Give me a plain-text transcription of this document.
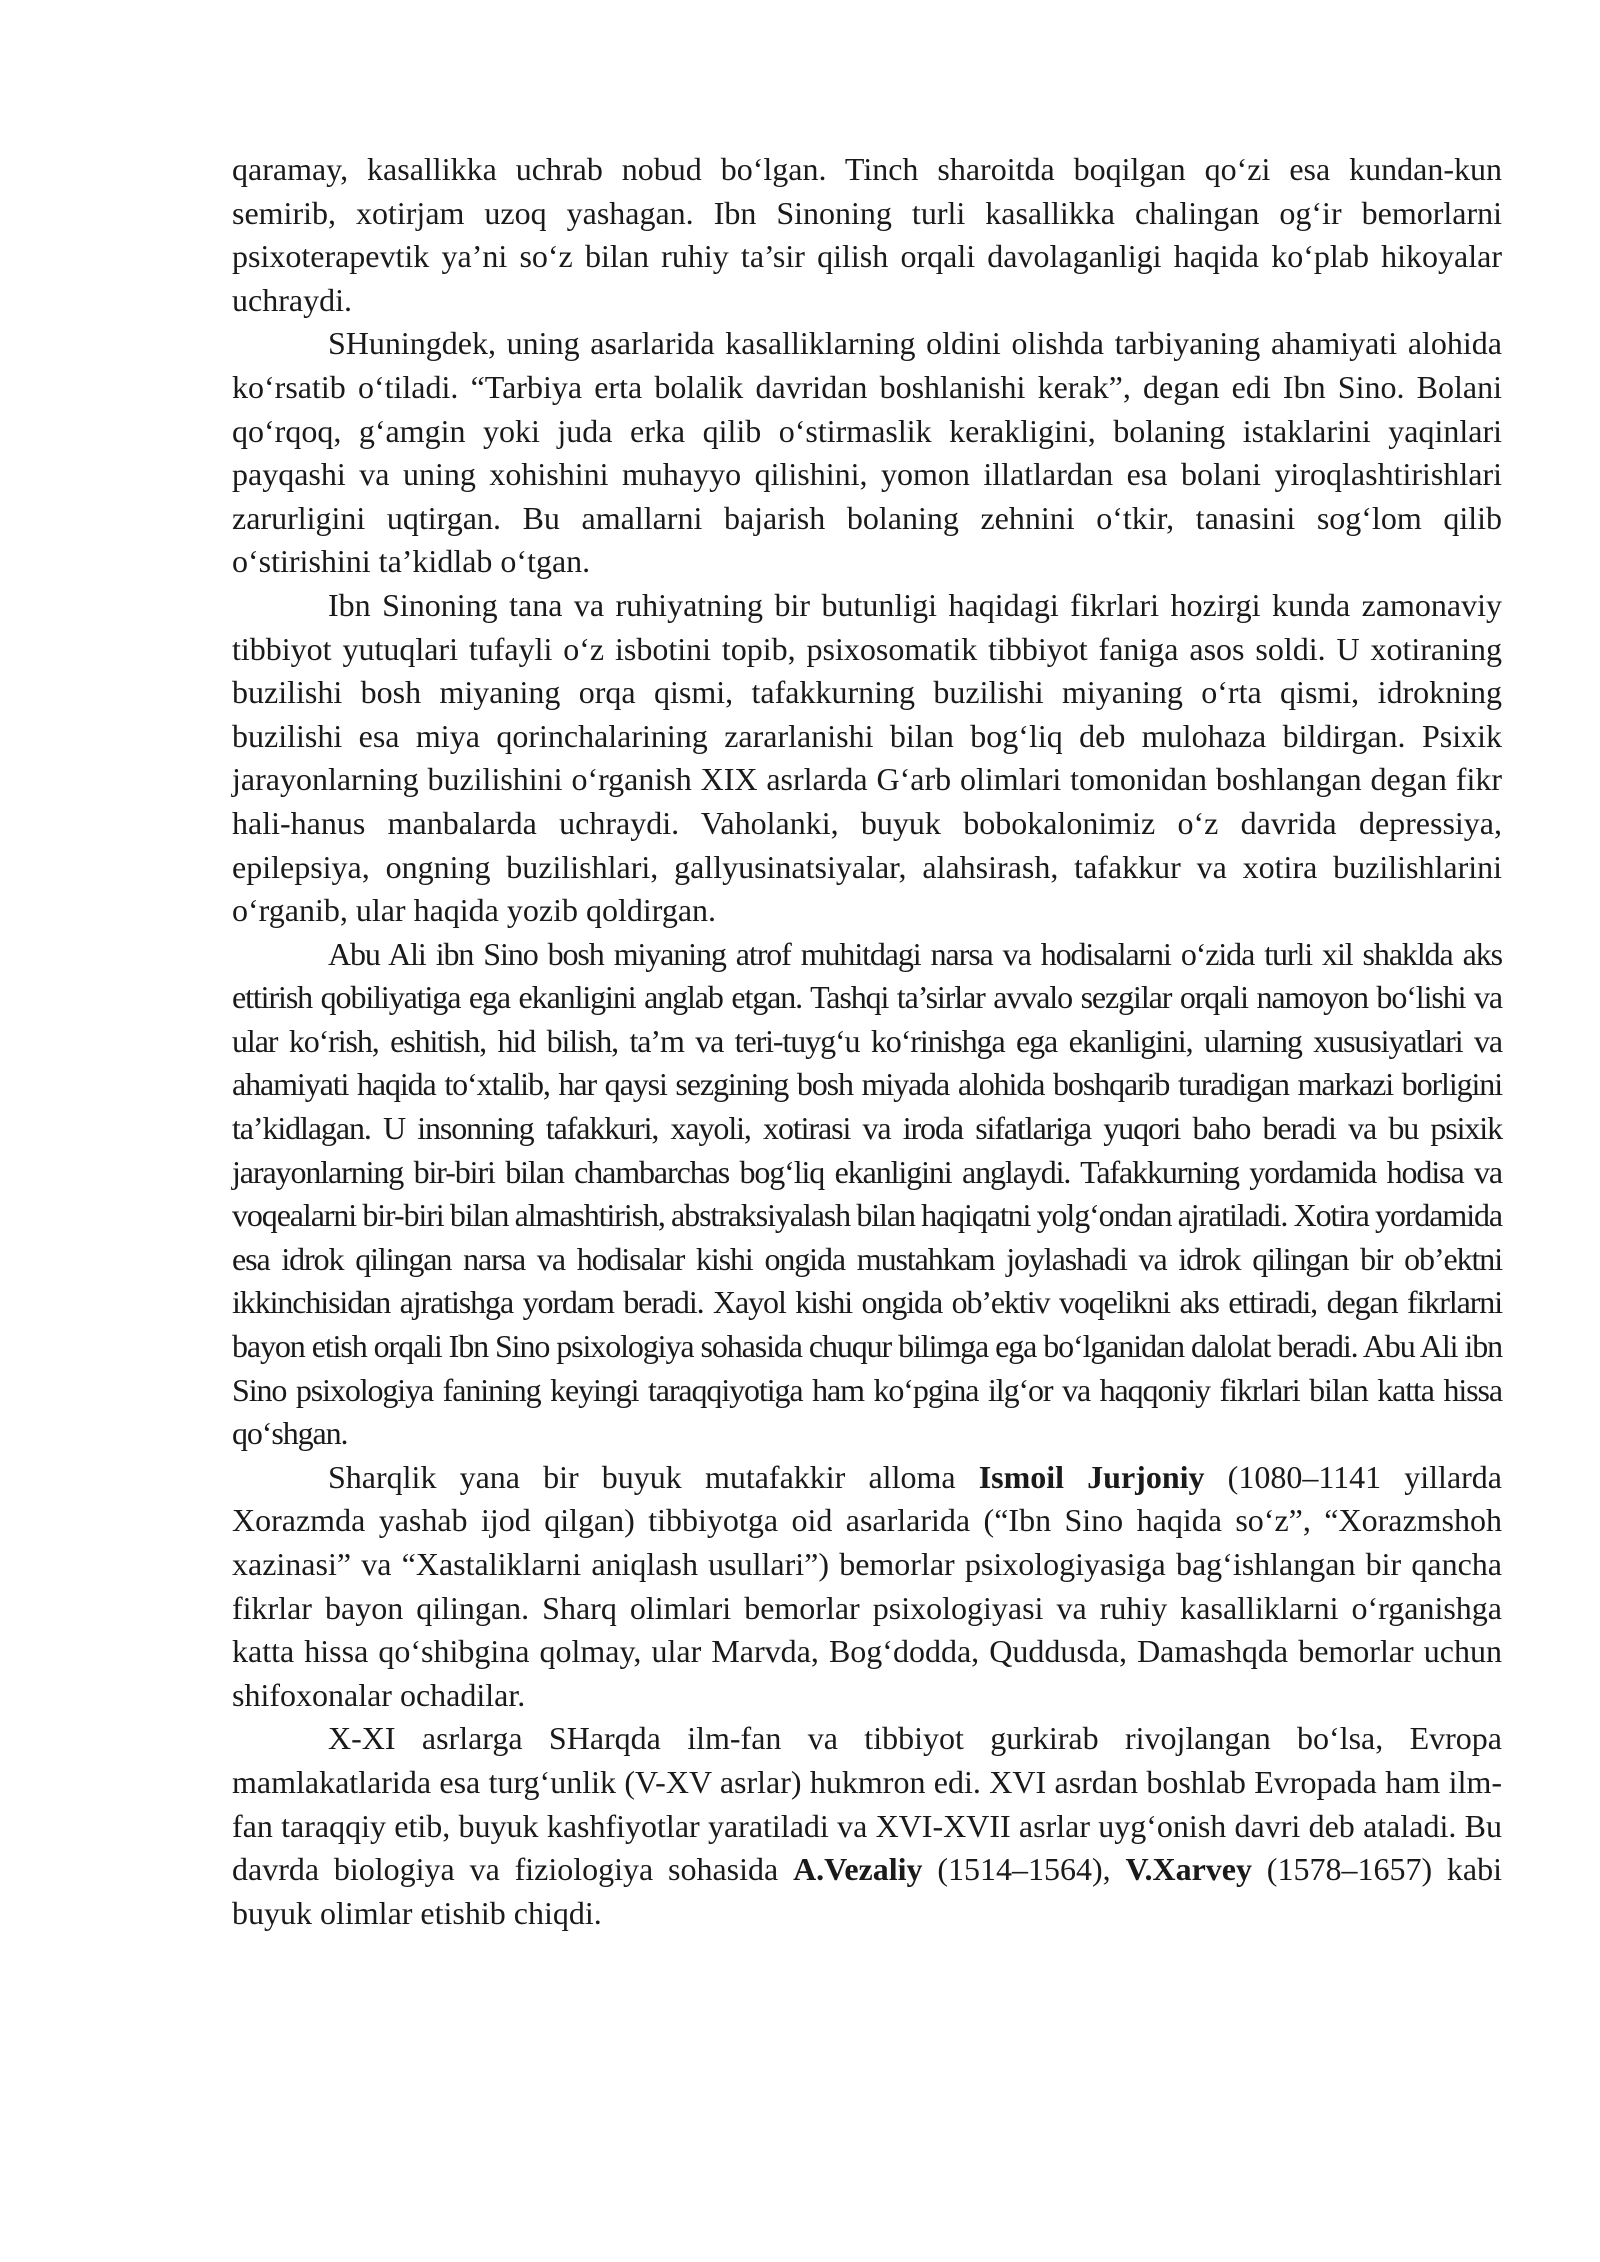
qaramay, kasallikka uchrab nobud bo‘lgan. Tinch sharoitda boqilgan qo‘zi esa kundan-kun semirib, xotirjam uzoq yashagan. Ibn Sinoning turli kasallikka chalingan og‘ir bemorlarni psixoterapevtik ya’ni so‘z bilan ruhiy ta’sir qilish orqali davolaganligi haqida ko‘plab hikoyalar uchraydi.

SHuningdek, uning asarlarida kasalliklarning oldini olishda tarbiyaning ahamiyati alohida ko‘rsatib o‘tiladi. “Tarbiya erta bolalik davridan boshlanishi kerak”, degan edi Ibn Sino. Bolani qo‘rqoq, g‘amgin yoki juda erka qilib o‘stirmaslik kerakligini, bolaning istaklarini yaqinlari payqashi va uning xohishini muhayyo qilishini, yomon illatlardan esa bolani yiroqlashtirishlari zarurligini uqtirgan. Bu amallarni bajarish bolaning zehnini o‘tkir, tanasini sog‘lom qilib o‘stirishini ta’kidlab o‘tgan.

Ibn Sinoning tana va ruhiyatning bir butunligi haqidagi fikrlari hozirgi kunda zamonaviy tibbiyot yutuqlari tufayli o‘z isbotini topib, psixosomatik tibbiyot faniga asos soldi. U xotiraning buzilishi bosh miyaning orqa qismi, tafakkurning buzilishi miyaning o‘rta qismi, idrokning buzilishi esa miya qorinchalarining zararlanishi bilan bog‘liq deb mulohaza bildirgan. Psixik jarayonlarning buzilishini o‘rganish XIX asrlarda G‘arb olimlari tomonidan boshlangan degan fikr hali-hanus manbalarda uchraydi. Vaholanki, buyuk bobokalonimiz o‘z davrida depressiya, epilepsiya, ongning buzilishlari, gallyusinatsiyalar, alahsirash, tafakkur va xotira buzilishlarini o‘rganib, ular haqida yozib qoldirgan.

Abu Ali ibn Sino bosh miyaning atrof muhitdagi narsa va hodisalarni o‘zida turli xil shaklda aks ettirish qobiliyatiga ega ekanligini anglab etgan. Tashqi ta’sirlar avvalo sezgilar orqali namoyon bo‘lishi va ular ko‘rish, eshitish, hid bilish, ta’m va teri-tuyg‘u ko‘rinishga ega ekanligini, ularning xususiyatlari va ahamiyati haqida to‘xtalib, har qaysi sezgining bosh miyada alohida boshqarib turadigan markazi borligini ta’kidlagan. U insonning tafakkuri, xayoli, xotirasi va iroda sifatlariga yuqori baho beradi va bu psixik jarayonlarning bir-biri bilan chambarchas bog‘liq ekanligini anglaydi. Tafakkurning yordamida hodisa va voqealarni bir-biri bilan almashtirish, abstraksiyalash bilan haqiqatni yolg‘ondan ajratiladi. Xotira yordamida esa idrok qilingan narsa va hodisalar kishi ongida mustahkam joylashadi va idrok qilingan bir ob’ektni ikkinchisidan ajratishga yordam beradi. Xayol kishi ongida ob’ektiv voqelikni aks ettiradi, degan fikrlarni bayon etish orqali Ibn Sino psixologiya sohasida chuqur bilimga ega bo‘lganidan dalolat beradi. Abu Ali ibn Sino psixologiya fanining keyingi taraqqiyotiga ham ko‘pgina ilg‘or va haqqoniy fikrlari bilan katta hissa qo‘shgan.

Sharqlik yana bir buyuk mutafakkir alloma Ismoil Jurjoniy (1080–1141 yillarda Xorazmda yashab ijod qilgan) tibbiyotga oid asarlarida (“Ibn Sino haqida so‘z”, “Xorazmshoh xazinasi” va “Xastaliklarni aniqlash usullari”) bemorlar psixologiyasiga bag‘ishlangan bir qancha fikrlar bayon qilingan. Sharq olimlari bemorlar psixologiyasi va ruhiy kasalliklarni o‘rganishga katta hissa qo‘shibgina qolmay, ular Marvda, Bog‘dodda, Quddusda, Damashqda bemorlar uchun shifoxonalar ochadilar.

X-XI asrlarga SHarqda ilm-fan va tibbiyot gurkirab rivojlangan bo‘lsa, Evropa mamlakatlarida esa turg‘unlik (V-XV asrlar) hukmron edi. XVI asrdan boshlab Evropada ham ilm-fan taraqqiy etib, buyuk kashfiyotlar yaratiladi va XVI-XVII asrlar uyg‘onish davri deb ataladi. Bu davrda biologiya va fiziologiya sohasida A.Vezaliy (1514–1564), V.Xarvey (1578–1657) kabi buyuk olimlar etishib chiqdi.
